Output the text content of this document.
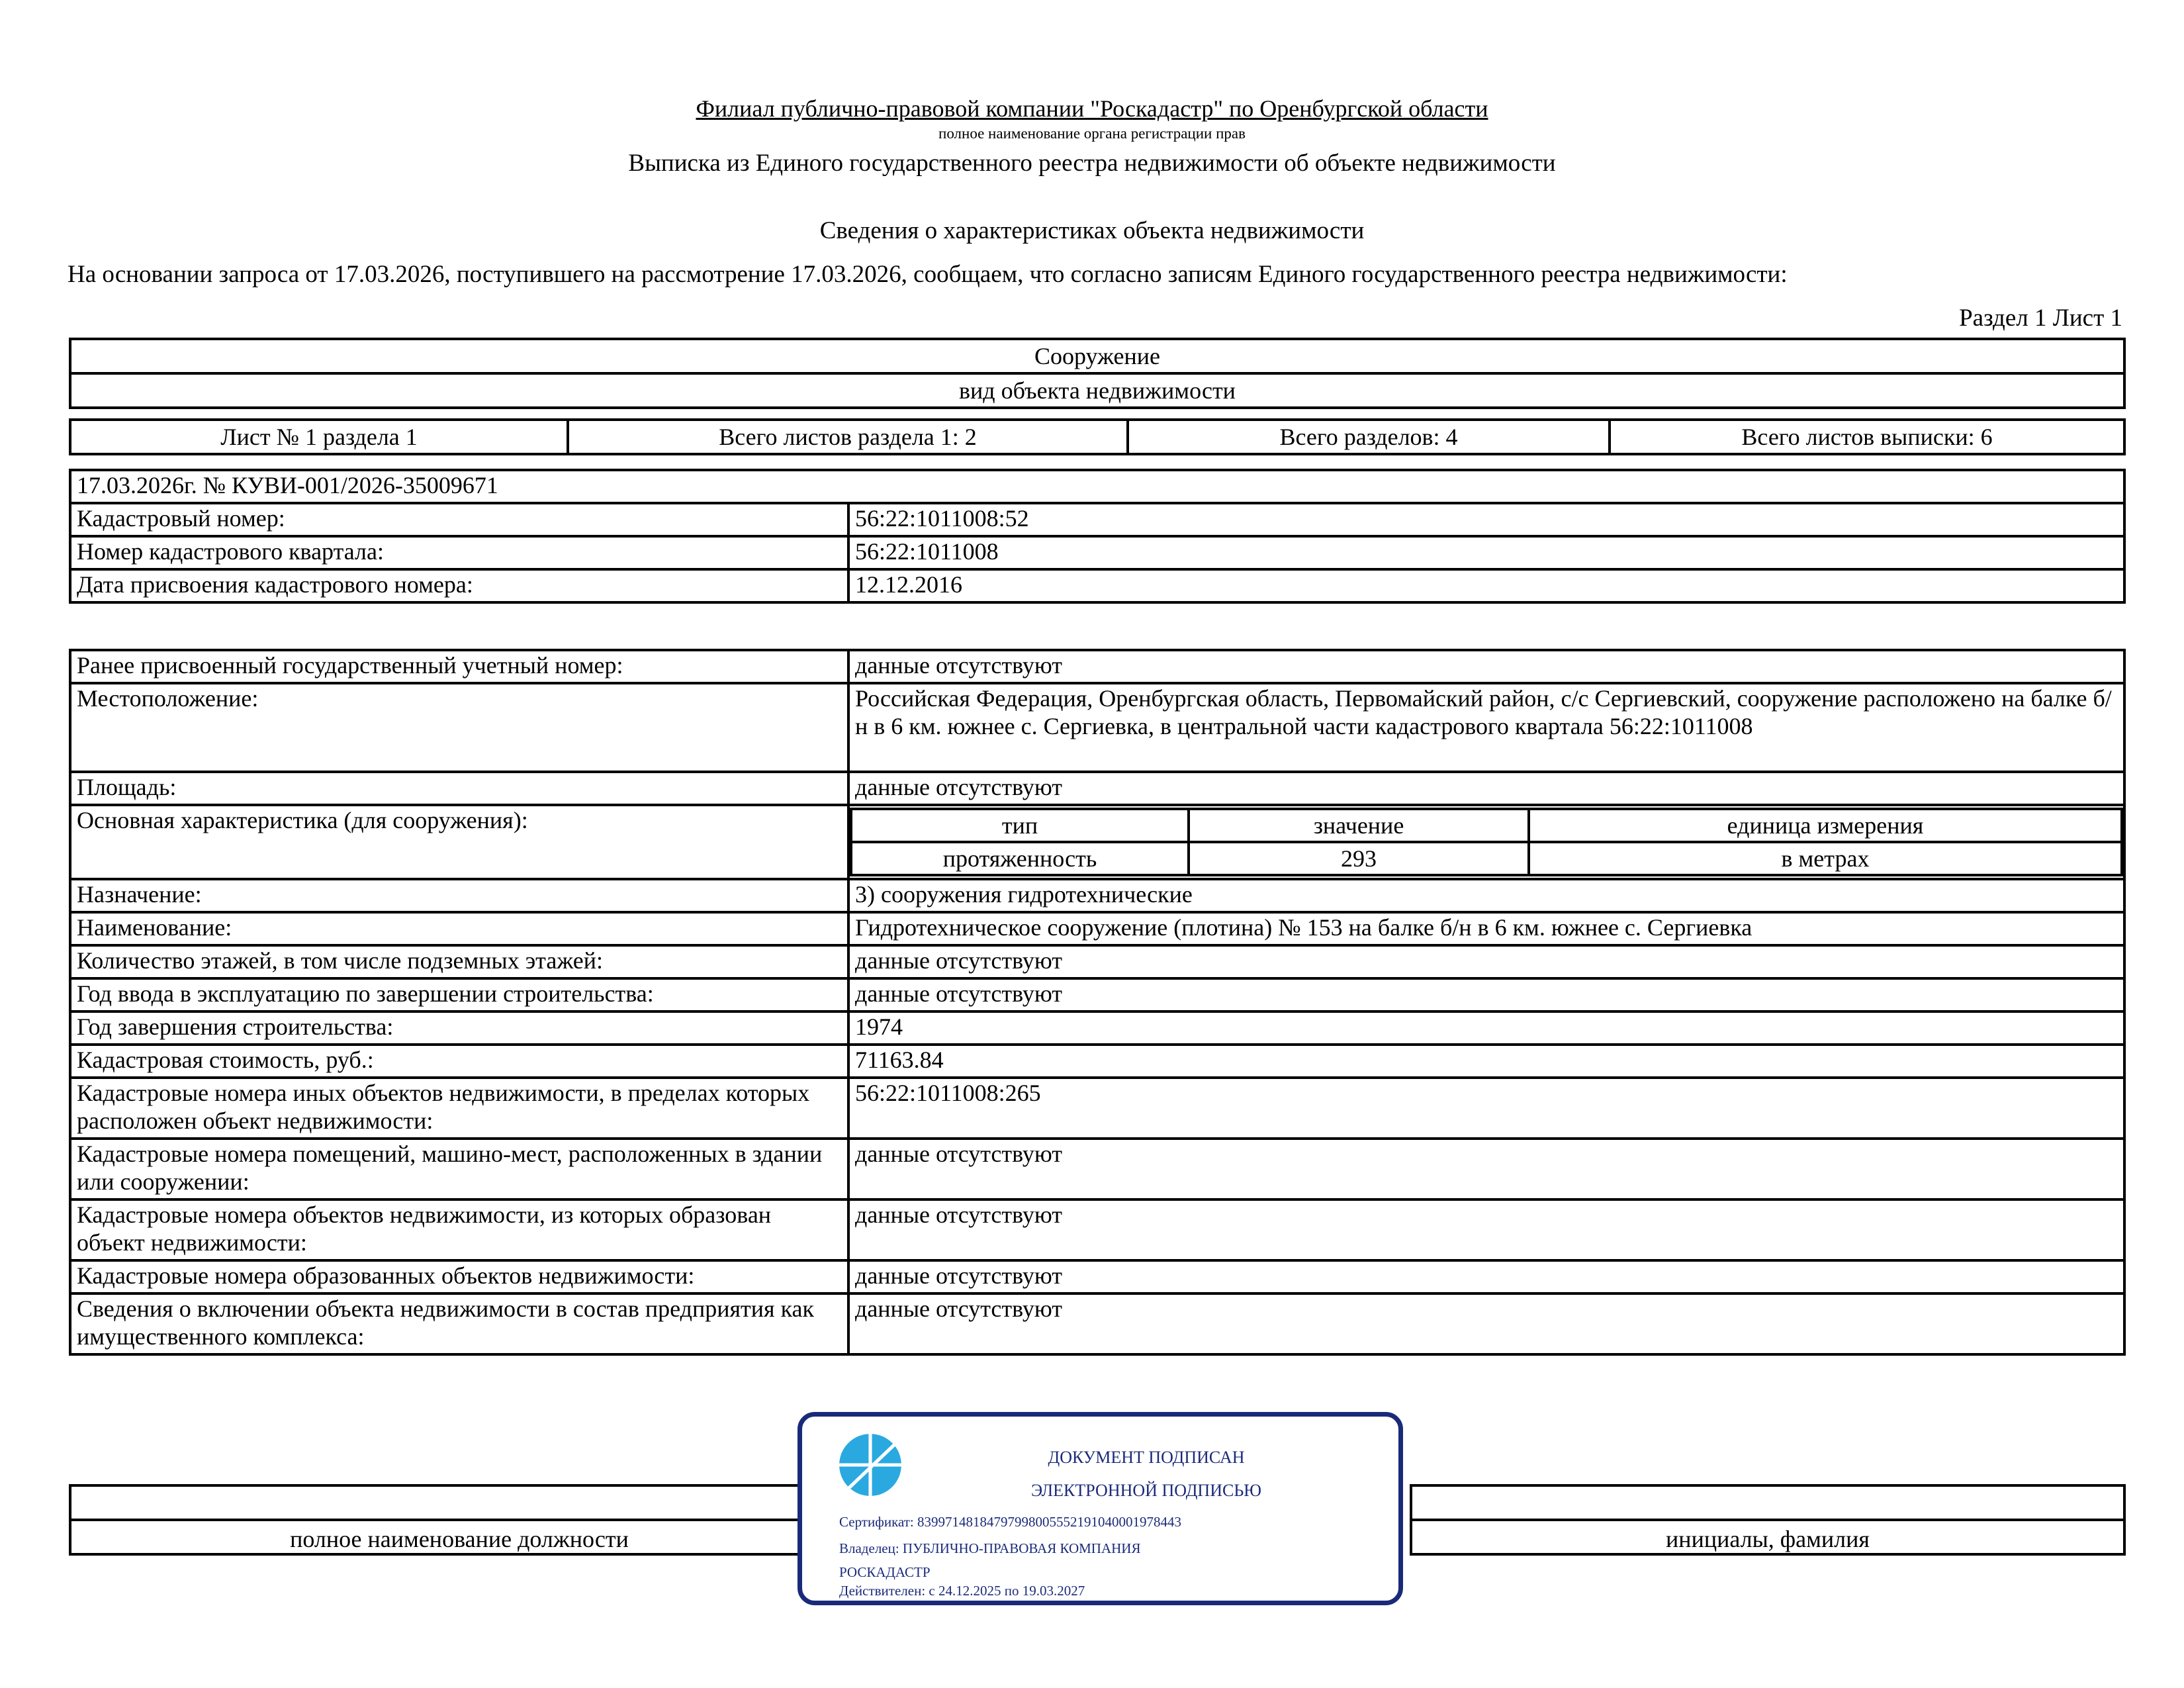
Филиал публично-правовой компании "Роскадастр" по Оренбургской области
полное наименование органа регистрации прав
Выписка из Единого государственного реестра недвижимости об объекте недвижимости
Сведения о характеристиках объекта недвижимости
На основании запроса от 17.03.2026, поступившего на рассмотрение 17.03.2026, сообщаем, что согласно записям Единого государственного реестра недвижимости:
Раздел 1 Лист 1
Сооружение
вид объекта недвижимости
Лист № 1 раздела 1	Всего листов раздела 1: 2	Всего разделов: 4	Всего листов выписки: 6
17.03.2026г. № КУВИ-001/2026-35009671	
Кадастровый номер:	56:22:1011008:52
Номер кадастрового квартала:	56:22:1011008
Дата присвоения кадастрового номера:	12.12.2016
Ранее присвоенный государственный учетный номер:	данные отсутствуют
Местоположение:	Российская Федерация, Оренбургская область, Первомайский район, с/с Сергиевский, сооружение расположено на балке б/н в 6 км. южнее с. Сергиевка, в центральной части кадастрового квартала 56:22:1011008
Площадь:	данные отсутствуют
Основная характеристика (для сооружения):		тип	значение	единица измерения
протяженность	293	в метрах

Назначение:	3) сооружения гидротехнические
Наименование:	Гидротехническое сооружение (плотина) № 153 на балке б/н в 6 км. южнее с. Сергиевка
Количество этажей, в том числе подземных этажей:	данные отсутствуют
Год ввода в эксплуатацию по завершении строительства:	данные отсутствуют
Год завершения строительства:	1974
Кадастровая стоимость, руб.:	71163.84
Кадастровые номера иных объектов недвижимости, в пределах которых расположен объект недвижимости:	56:22:1011008:265
Кадастровые номера помещений, машино-мест, расположенных в здании или сооружении:	данные отсутствуют
Кадастровые номера объектов недвижимости, из которых образован объект недвижимости:	данные отсутствуют
Кадастровые номера образованных объектов недвижимости:	данные отсутствуют
Сведения о включении объекта недвижимости в состав предприятия как имущественного комплекса:	данные отсутствуют

полное наименование должности		инициалы, фамилия
ДОКУМЕНТ ПОДПИСАН
ЭЛЕКТРОННОЙ ПОДПИСЬЮ
Сертификат: 83997148184797998005552191040001978443
Владелец: ПУБЛИЧНО-ПРАВОВАЯ КОМПАНИЯ
РОСКАДАСТР
Действителен: с 24.12.2025 по 19.03.2027
